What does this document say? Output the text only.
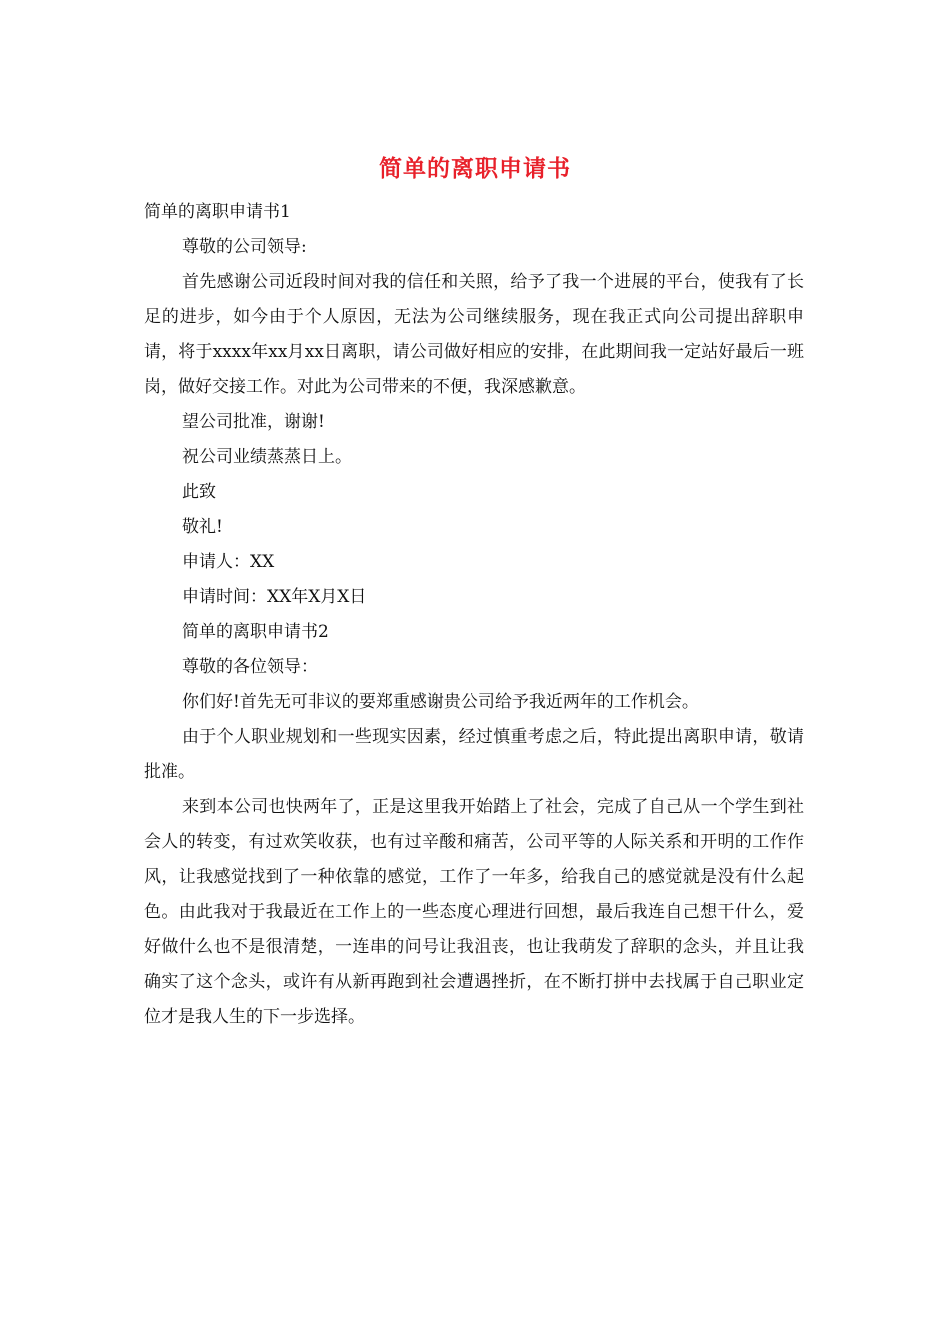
简单的离职申请书

简单的离职申请书1

尊敬的公司领导:

首先感谢公司近段时间对我的信任和关照，给予了我一个进展的平台，使我有了长足的进步，如今由于个人原因，无法为公司继续服务，现在我正式向公司提出辞职申请，将于xxxx年xx月xx日离职，请公司做好相应的安排，在此期间我一定站好最后一班岗，做好交接工作。对此为公司带来的不便，我深感歉意。

望公司批准，谢谢!

祝公司业绩蒸蒸日上。

此致

敬礼!

申请人：XX

申请时间：XX年X月X日

简单的离职申请书2

尊敬的各位领导：

你们好!首先无可非议的要郑重感谢贵公司给予我近两年的工作机会。

由于个人职业规划和一些现实因素，经过慎重考虑之后，特此提出离职申请，敬请批准。

来到本公司也快两年了，正是这里我开始踏上了社会，完成了自己从一个学生到社会人的转变，有过欢笑收获，也有过辛酸和痛苦，公司平等的人际关系和开明的工作作风，让我感觉找到了一种依靠的感觉，工作了一年多，给我自己的感觉就是没有什么起色。由此我对于我最近在工作上的一些态度心理进行回想，最后我连自己想干什么，爱好做什么也不是很清楚，一连串的问号让我沮丧，也让我萌发了辞职的念头，并且让我确实了这个念头，或许有从新再跑到社会遭遇挫折，在不断打拼中去找属于自己职业定位才是我人生的下一步选择。
